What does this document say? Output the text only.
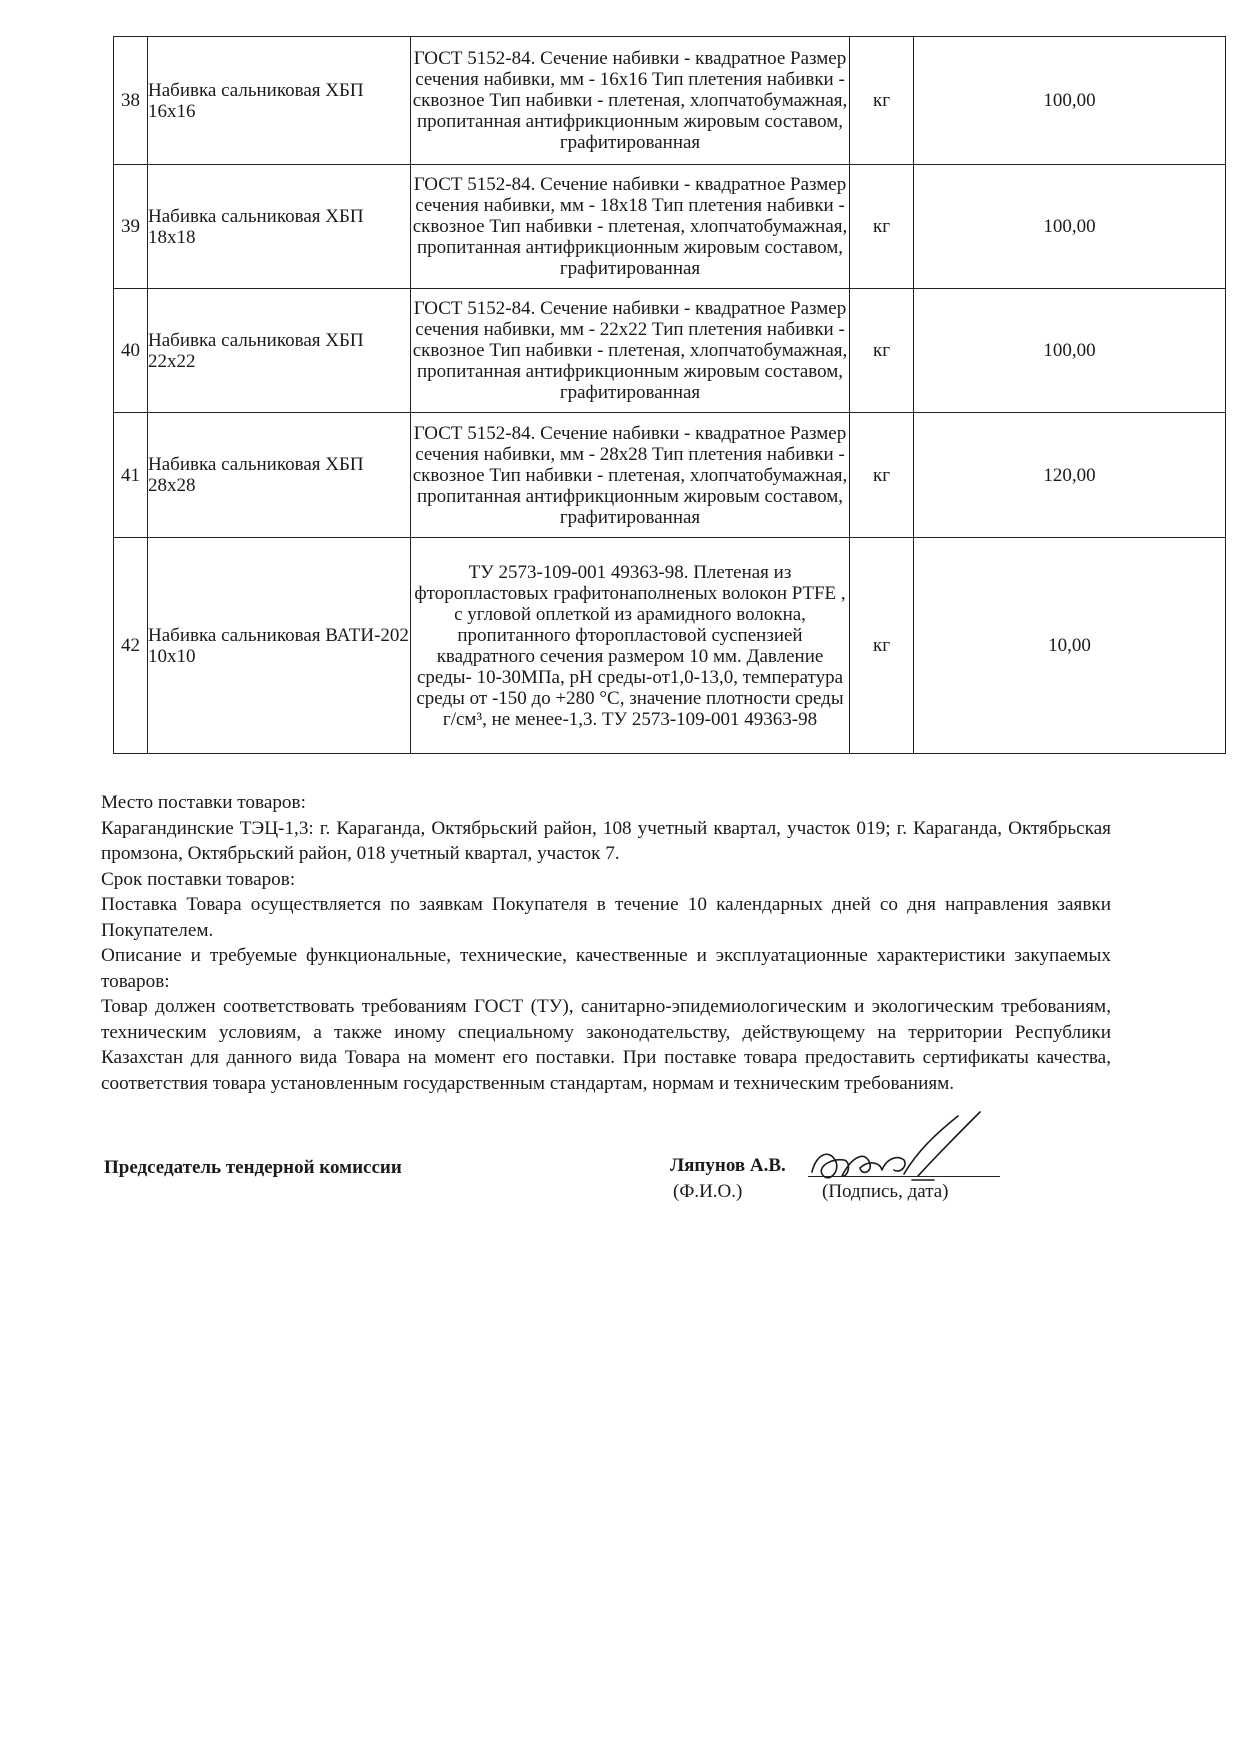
38	Набивка сальниковая ХБП 16х16	ГОСТ 5152-84. Сечение набивки - квадратное Размер сечения набивки, мм - 16х16 Тип плетения набивки - сквозное Тип набивки - плетеная, хлопчатобумажная, пропитанная антифрикционным жировым составом, графитированная	кг	100,00
39	Набивка сальниковая ХБП 18х18	ГОСТ 5152-84. Сечение набивки - квадратное Размер сечения набивки, мм - 18х18 Тип плетения набивки - сквозное Тип набивки - плетеная, хлопчатобумажная, пропитанная антифрикционным жировым составом, графитированная	кг	100,00
40	Набивка сальниковая ХБП 22х22	ГОСТ 5152-84. Сечение набивки - квадратное Размер сечения набивки, мм - 22х22 Тип плетения набивки - сквозное Тип набивки - плетеная, хлопчатобумажная, пропитанная антифрикционным жировым составом, графитированная	кг	100,00
41	Набивка сальниковая ХБП 28х28	ГОСТ 5152-84. Сечение набивки - квадратное Размер сечения набивки, мм - 28х28 Тип плетения набивки - сквозное Тип набивки - плетеная, хлопчатобумажная, пропитанная антифрикционным жировым составом, графитированная	кг	120,00
42	Набивка сальниковая ВАТИ-202 10х10	ТУ 2573-109-001 49363-98. Плетеная из фторопластовых графитонаполненых волокон PTFE , с угловой оплеткой из арамидного волокна, пропитанного фторопластовой суспензией квадратного сечения размером 10 мм. Давление среды- 10-30МПа, рН среды-от1,0-13,0, температура среды от -150 до +280 °С, значение плотности среды г/см³, не менее-1,3. ТУ 2573-109-001 49363-98	кг	10,00

Место поставки товаров:

Карагандинские ТЭЦ-1,3: г. Караганда, Октябрьский район, 108 учетный квартал, участок 019; г. Караганда, Октябрьская промзона, Октябрьский район, 018 учетный квартал, участок 7.

Срок поставки товаров:

Поставка Товара осуществляется по заявкам Покупателя в течение 10 календарных дней со дня направления заявки Покупателем.

Описание и требуемые функциональные, технические, качественные и эксплуатационные характеристики закупаемых товаров:

Товар должен соответствовать требованиям ГОСТ (ТУ), санитарно-эпидемиологическим и экологическим требованиям, техническим условиям, а также иному специальному законодательству, действующему на территории Республики Казахстан для данного вида Товара на момент его поставки. При поставке товара предоставить сертификаты качества, соответствия товара установленным государственным стандартам, нормам и техническим требованиям.

Председатель тендерной комиссии	Ляпунов А.В.
(Ф.И.О.)	(Подпись, дата)
